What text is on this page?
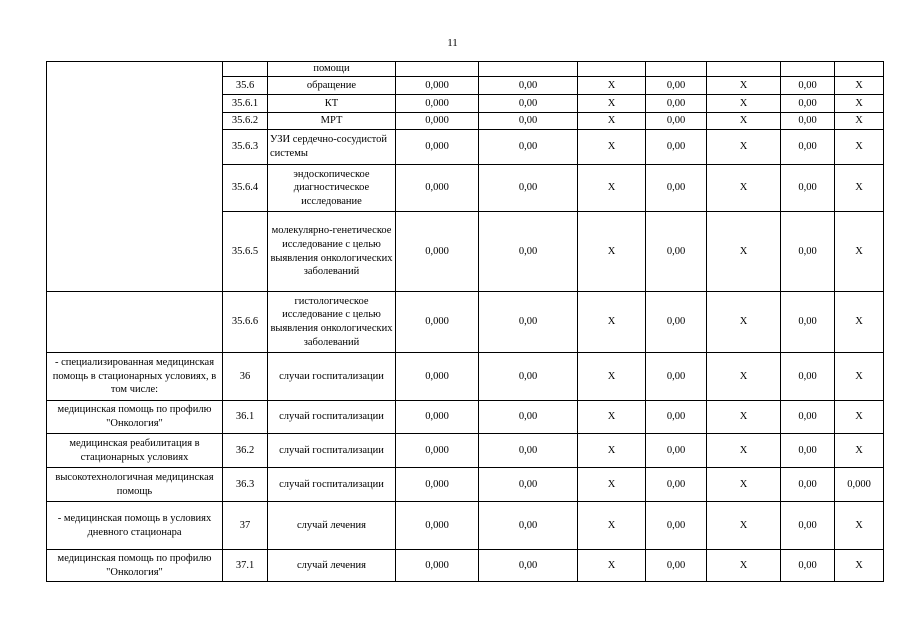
11
		помощи							
	35.6	обращение	0,000	0,00	X	0,00	X	0,00	X
	35.6.1	КТ	0,000	0,00	X	0,00	X	0,00	X
	35.6.2	МРТ	0,000	0,00	X	0,00	X	0,00	X
	35.6.3	УЗИ сердечно-сосудистой системы	0,000	0,00	X	0,00	X	0,00	X
	35.6.4	эндоскопическое диагностическое исследование	0,000	0,00	X	0,00	X	0,00	X
	35.6.5	молекулярно-генетическое исследование с целью выявления онкологических заболеваний	0,000	0,00	X	0,00	X	0,00	X
	35.6.6	гистологическое исследование с целью выявления онкологических заболеваний	0,000	0,00	X	0,00	X	0,00	X
- специализированная медицинская помощь в стационарных условиях, в том числе:	36	случаи госпитализации	0,000	0,00	X	0,00	X	0,00	X
медицинская помощь по профилю "Онкология"	36.1	случай госпитализации	0,000	0,00	X	0,00	X	0,00	X
медицинская реабилитация в стационарных условиях	36.2	случай госпитализации	0,000	0,00	X	0,00	X	0,00	X
высокотехнологичная медицинская помощь	36.3	случай госпитализации	0,000	0,00	X	0,00	X	0,00	0,000
- медицинская помощь в условиях дневного стационара	37	случай лечения	0,000	0,00	X	0,00	X	0,00	X
медицинская помощь по профилю "Онкология"	37.1	случай лечения	0,000	0,00	X	0,00	X	0,00	X
